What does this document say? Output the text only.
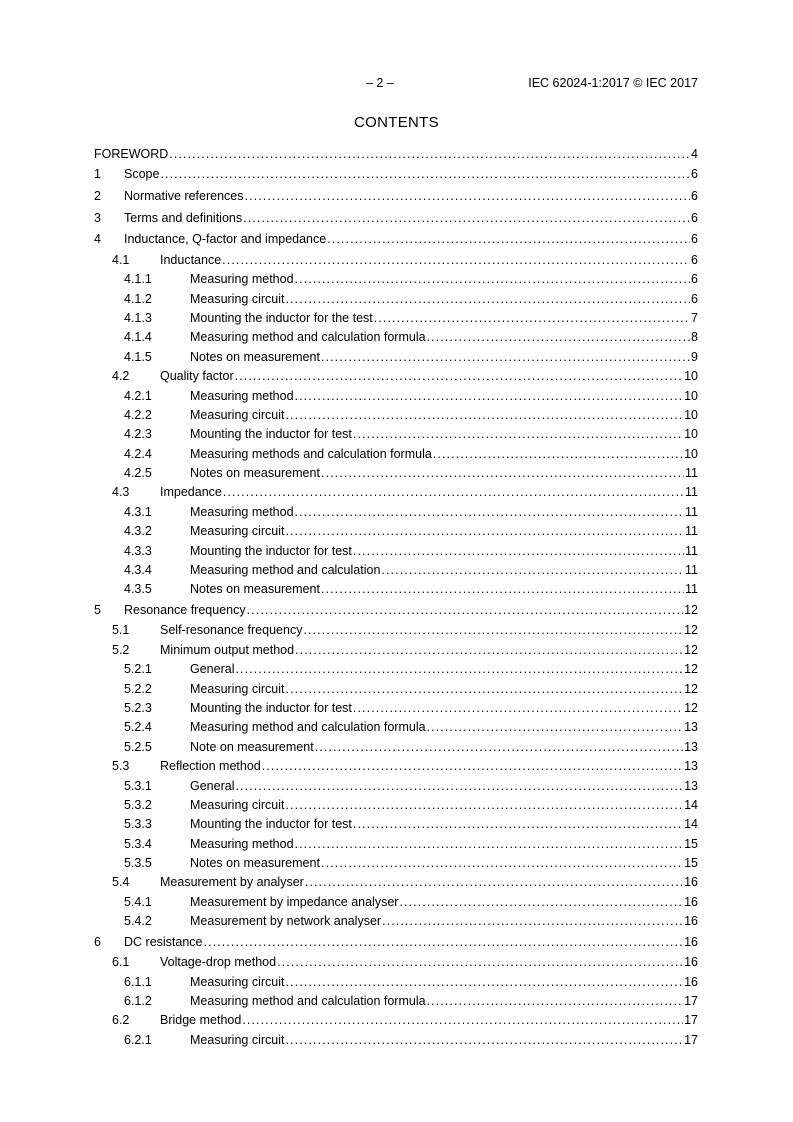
– 2 –	IEC 62024-1:2017 © IEC 2017
CONTENTS
FOREWORD .....	4
1 Scope .....	6
2 Normative references .....	6
3 Terms and definitions .....	6
4 Inductance, Q-factor and impedance .....	6
4.1 Inductance .....	6
4.1.1	Measuring method .....	6
4.1.2	Measuring circuit .....	6
4.1.3	Mounting the inductor for the test .....	7
4.1.4	Measuring method and calculation formula .....	8
4.1.5	Notes on measurement .....	9
4.2 Quality factor .....	10
4.2.1	Measuring method .....	10
4.2.2	Measuring circuit .....	10
4.2.3	Mounting the inductor for test .....	10
4.2.4	Measuring methods and calculation formula .....	10
4.2.5	Notes on measurement .....	11
4.3 Impedance .....	11
4.3.1	Measuring method .....	11
4.3.2	Measuring circuit .....	11
4.3.3	Mounting the inductor for test .....	11
4.3.4	Measuring method and calculation .....	11
4.3.5	Notes on measurement .....	11
5 Resonance frequency .....	12
5.1 Self-resonance frequency .....	12
5.2 Minimum output method .....	12
5.2.1	General .....	12
5.2.2	Measuring circuit .....	12
5.2.3	Mounting the inductor for test .....	12
5.2.4	Measuring method and calculation formula .....	13
5.2.5	Note on measurement .....	13
5.3 Reflection method .....	13
5.3.1	General .....	13
5.3.2	Measuring circuit .....	14
5.3.3	Mounting the inductor for test .....	14
5.3.4	Measuring method .....	15
5.3.5	Notes on measurement .....	15
5.4 Measurement by analyser .....	16
5.4.1	Measurement by impedance analyser .....	16
5.4.2	Measurement by network analyser .....	16
6 DC resistance .....	16
6.1 Voltage-drop method .....	16
6.1.1	Measuring circuit .....	16
6.1.2	Measuring method and calculation formula .....	17
6.2 Bridge method .....	17
6.2.1	Measuring circuit .....	17
